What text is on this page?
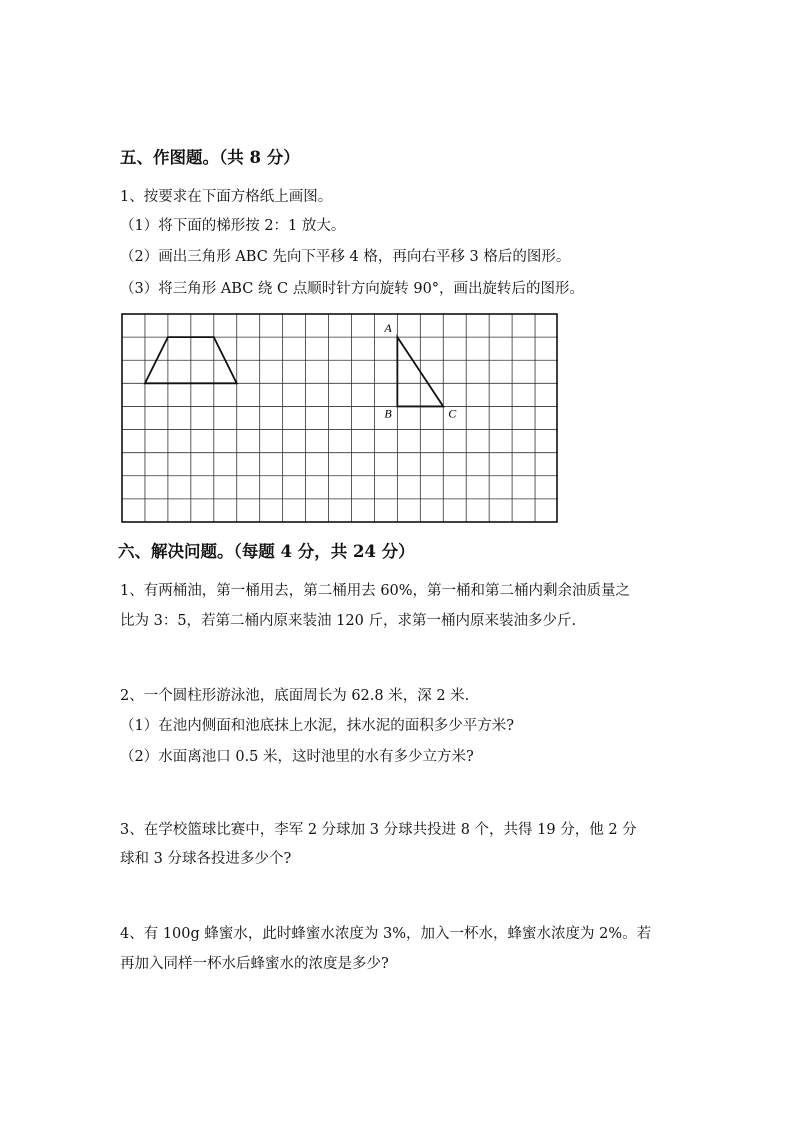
五、作图题。（共 8 分）
1、按要求在下面方格纸上画图。
（1）将下面的梯形按 2：1 放大。
（2）画出三角形 ABC 先向下平移 4 格，再向右平移 3 格后的图形。
（3）将三角形 ABC 绕 C 点顺时针方向旋转 90°，画出旋转后的图形。
A
B	C
六、解决问题。（每题 4 分，共 24 分）
1、有两桶油，第一桶用去，第二桶用去 60%，第一桶和第二桶内剩余油质量之
比为 3：5，若第二桶内原来装油 120 斤，求第一桶内原来装油多少斤.
2、一个圆柱形游泳池，底面周长为 62.8 米，深 2 米.
（1）在池内侧面和池底抹上水泥，抹水泥的面积多少平方米?
（2）水面离池口 0.5 米，这时池里的水有多少立方米?
3、在学校篮球比赛中，李军 2 分球加 3 分球共投进 8 个，共得 19 分，他 2 分
球和 3 分球各投进多少个?
4、有 100g 蜂蜜水，此时蜂蜜水浓度为 3%，加入一杯水，蜂蜜水浓度为 2%。若
再加入同样一杯水后蜂蜜水的浓度是多少?
